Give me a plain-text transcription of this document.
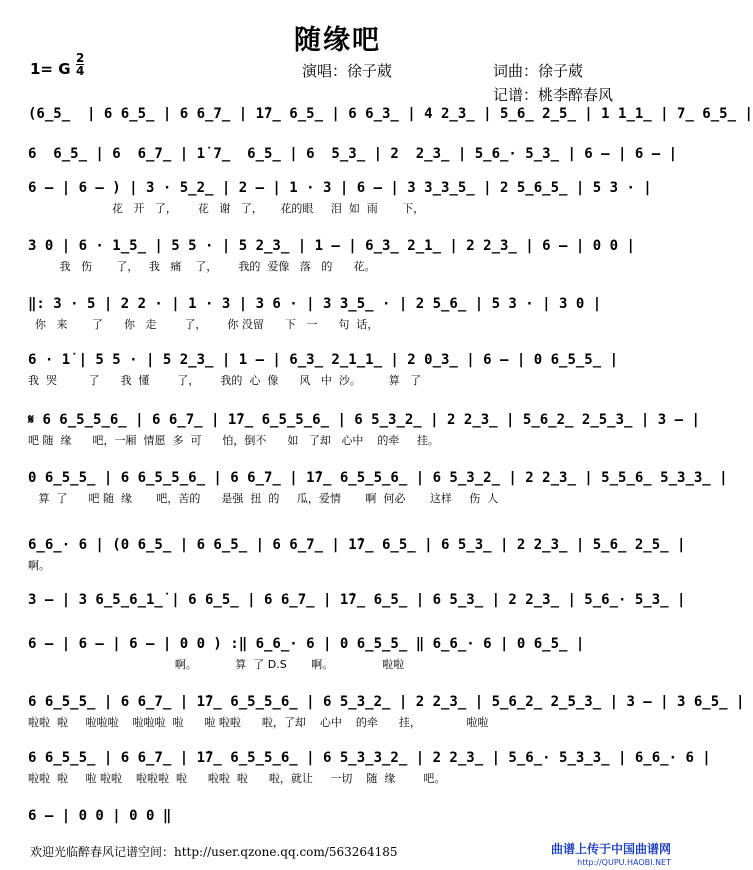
随缘吧
1= G $\frac{2}{4}$	演唱：徐子葳	词曲：徐子葳
记谱：桃李醉春风
(6̲5̲  | 6 6̲5̲ | 6 6̲7̲ | 1̇7̲ 6̲5̲ | 6 6̲3̲ | 4 2̲3̲ | 5̲6̲ 2̲5̲ | 1 1̲1̲ | 7̲ 6̲5̲ |
6  6̲5̲ | 6  6̲7̲ | 1̇ 7̲  6̲5̲ | 6  5̲3̲ | 2  2̲3̲ | 5̲6̲· 5̲3̲ | 6 – | 6 – |
6 – | 6 – ) | 3 · 5̲2̲ | 2 – | 1 · 3 | 6 – | 3 3̲3̲5̲ | 2 5̲6̲5̲ | 5 3 · |
花   开   了，      花   谢   了，     花的眼     泪  如  雨       下，
3 0 | 6 · 1̲5̲ | 5 5 · | 5 2̲3̲ | 1 – | 6̲3̲ 2̲1̲ | 2 2̲3̲ | 6 – | 0 0 |
我   伤       了，   我   痛    了，      我的  爱像   落   的      花。
‖: 3 · 5 | 2 2 · | 1 · 3 | 3 6 · | 3 3̲5̲ · | 2 5̲6̲ | 5 3 · | 3 0 |
你   来       了      你   走        了，      你 没留      下   一      句  话，
6 · 1̇ | 5 5 · | 5 2̲3̲ | 1 – | 6̲3̲ 2̲1̲1̲ | 2 0̲3̲ | 6 – | 0 6̲5̲5̲ |
我  哭         了      我  懂        了，      我的  心  像      风   中  沙。        算   了
𝄋 6 6̲5̲5̲6̲ | 6 6̲7̲ | 1̇7̲ 6̲5̲5̲6̲ | 6 5̲3̲2̲ | 2 2̲3̲ | 5̲6̲2̲ 2̲5̲3̲ | 3 – |
吧 随  缘      吧，一厢  情愿  多  可      怕，倒不      如   了却   心中    的牵     挂。
0 6̲5̲5̲ | 6 6̲5̲5̲6̲ | 6 6̲7̲ | 1̇7̲ 6̲5̲5̲6̲ | 6 5̲3̲2̲ | 2 2̲3̲ | 5̲5̲6̲ 5̲3̲3̲ |
算  了      吧 随  缘       吧，苦的      是强  扭  的     瓜，爱情       啊  何必       这样     伤  人
6̲6̲· 6 | (0 6̲5̲ | 6 6̲5̲ | 6 6̲7̲ | 1̇7̲ 6̲5̲ | 6 5̲3̲ | 2 2̲3̲ | 5̲6̲ 2̲5̲ |
啊。
3 – | 3 6̲5̲6̲1̲̇ | 6 6̲5̲ | 6 6̲7̲ | 1̇7̲ 6̲5̲ | 6 5̲3̲ | 2 2̲3̲ | 5̲6̲· 5̲3̲ |
6 – | 6 – | 6 – | 0 0 ) :‖ 6̲6̲· 6 | 0 6̲5̲5̲ ‖ 6̲6̲· 6 | 0 6̲5̲ |
啊。           算  了 D.S       啊。              啦啦
6 6̲5̲5̲ | 6 6̲7̲ | 1̇7̲ 6̲5̲5̲6̲ | 6 5̲3̲2̲ | 2 2̲3̲ | 5̲6̲2̲ 2̲5̲3̲ | 3 – | 3 6̲5̲ |
啦啦  啦     啦啦啦    啦啦啦  啦      啦 啦啦      啦，了却    心中    的牵      挂，             啦啦
6 6̲5̲5̲ | 6 6̲7̲ | 1̇7̲ 6̲5̲5̲6̲ | 6 5̲3̲3̲2̲ | 2 2̲3̲ | 5̲6̲· 5̲3̲3̲ | 6̲6̲· 6 |
啦啦  啦     啦 啦啦    啦啦啦  啦      啦啦  啦      啦，就让     一切    随  缘        吧。
6 – | 0 0 | 0 0 ‖
欢迎光临醉春风记谱空间：http://user.qzone.qq.com/563264185	曲谱上传于中国曲谱网
http://QUPU.HAOBI.NET
